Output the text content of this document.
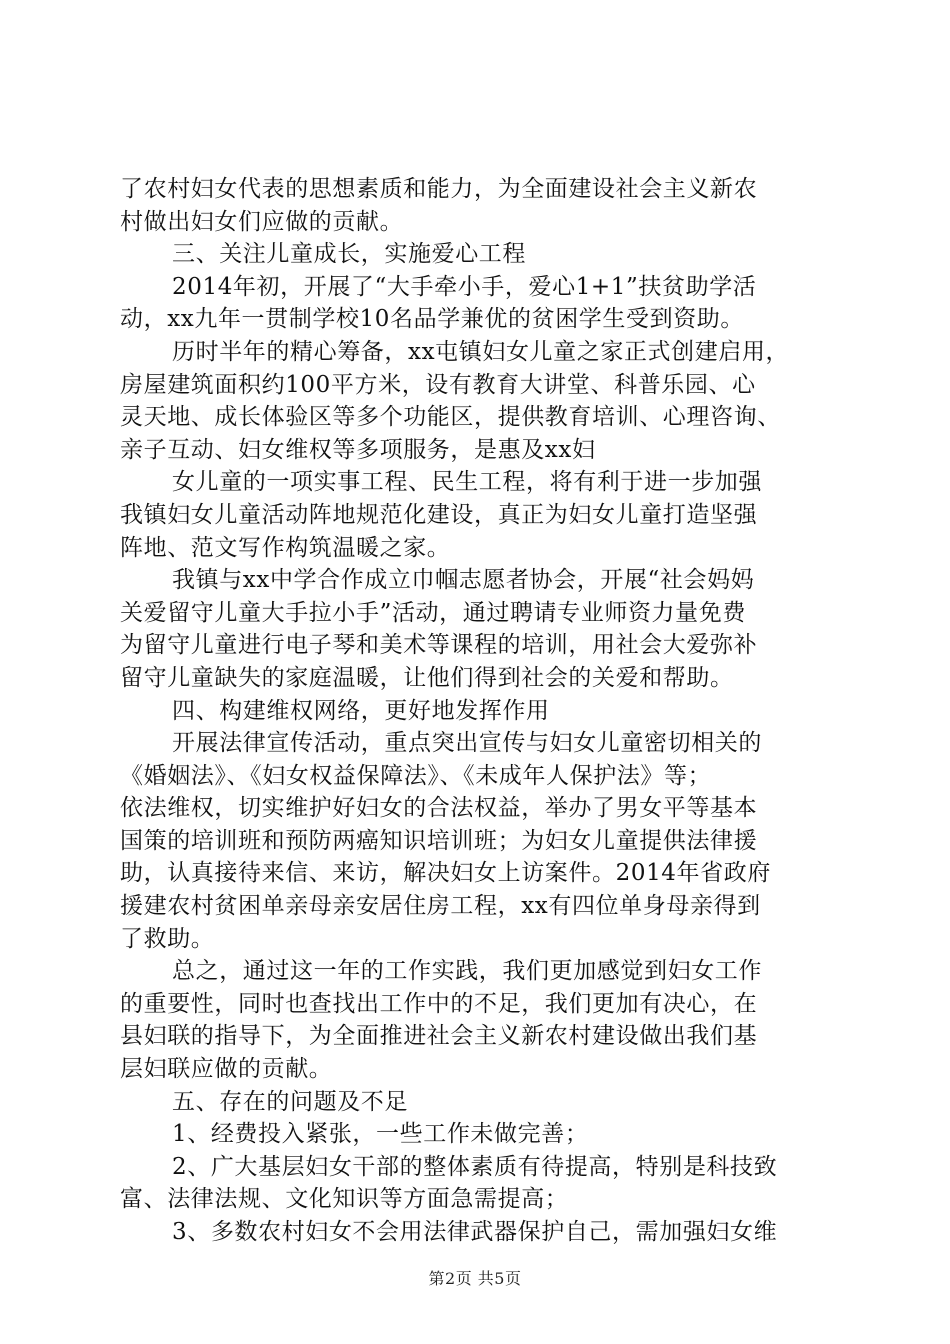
了农村妇女代表的思想素质和能力，为全面建设社会主义新农
村做出妇女们应做的贡献。
三、关注儿童成长，实施爱心工程
2014年初，开展了“大手牵小手，爱心1+1”扶贫助学活
动，xx九年一贯制学校10名品学兼优的贫困学生受到资助。
历时半年的精心筹备，xx屯镇妇女儿童之家正式创建启用，
房屋建筑面积约100平方米，设有教育大讲堂、科普乐园、心
灵天地、成长体验区等多个功能区，提供教育培训、心理咨询、
亲子互动、妇女维权等多项服务，是惠及xx妇
女儿童的一项实事工程、民生工程，将有利于进一步加强
我镇妇女儿童活动阵地规范化建设，真正为妇女儿童打造坚强
阵地、范文写作构筑温暖之家。
我镇与xx中学合作成立巾帼志愿者协会，开展“社会妈妈
关爱留守儿童大手拉小手”活动，通过聘请专业师资力量免费
为留守儿童进行电子琴和美术等课程的培训，用社会大爱弥补
留守儿童缺失的家庭温暖，让他们得到社会的关爱和帮助。
四、构建维权网络，更好地发挥作用
开展法律宣传活动，重点突出宣传与妇女儿童密切相关的
《婚姻法》、《妇女权益保障法》、《未成年人保护法》等；
依法维权，切实维护好妇女的合法权益，举办了男女平等基本
国策的培训班和预防两癌知识培训班；为妇女儿童提供法律援
助，认真接待来信、来访，解决妇女上访案件。2014年省政府
援建农村贫困单亲母亲安居住房工程，xx有四位单身母亲得到
了救助。
总之，通过这一年的工作实践，我们更加感觉到妇女工作
的重要性，同时也查找出工作中的不足，我们更加有决心，在
县妇联的指导下，为全面推进社会主义新农村建设做出我们基
层妇联应做的贡献。
五、存在的问题及不足
1、经费投入紧张，一些工作未做完善；
2、广大基层妇女干部的整体素质有待提高，特别是科技致
富、法律法规、文化知识等方面急需提高；
3、多数农村妇女不会用法律武器保护自己，需加强妇女维
第2页 共5页
